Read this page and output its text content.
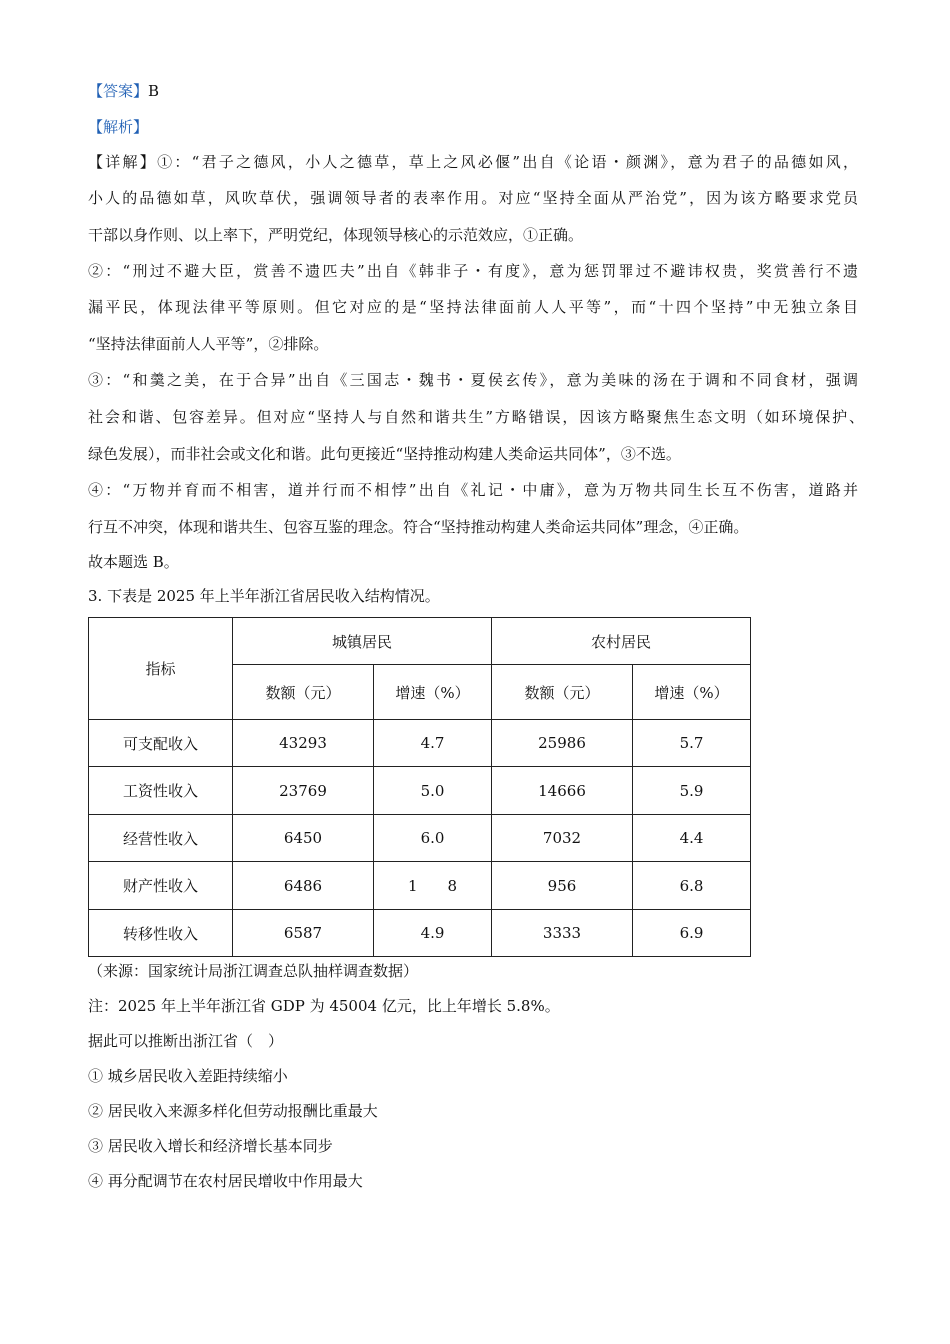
【答案】B
【解析】
【详解】①：“君子之德风，小人之德草，草上之风必偃”出自《论语・颜渊》，意为君子的品德如风，
小人的品德如草，风吹草伏，强调领导者的表率作用。对应“坚持全面从严治党”，因为该方略要求党员
干部以身作则、以上率下，严明党纪，体现领导核心的示范效应，①正确。
②：“刑过不避大臣，赏善不遗匹夫”出自《韩非子・有度》，意为惩罚罪过不避讳权贵，奖赏善行不遗
漏平民，体现法律平等原则。但它对应的是“坚持法律面前人人平等”，而“十四个坚持”中无独立条目
“坚持法律面前人人平等”，②排除。
③：“和羹之美，在于合异”出自《三国志・魏书・夏侯玄传》，意为美味的汤在于调和不同食材，强调
社会和谐、包容差异。但对应“坚持人与自然和谐共生”方略错误，因该方略聚焦生态文明（如环境保护、
绿色发展），而非社会或文化和谐。此句更接近“坚持推动构建人类命运共同体”，③不选。
④：“万物并育而不相害，道并行而不相悖”出自《礼记・中庸》，意为万物共同生长互不伤害，道路并
行互不冲突，体现和谐共生、包容互鉴的理念。符合“坚持推动构建人类命运共同体”理念，④正确。
故本题选 B。
3. 下表是 2025 年上半年浙江省居民收入结构情况。
指标	城镇居民		农村居民	
	数额（元）	增速（%）	数额（元）	增速（%）
可支配收入	43293	4.7	25986	5.7
工资性收入	23769	5.0	14666	5.9
经营性收入	6450	6.0	7032	4.4
财产性收入	6486	1　　8	956	6.8
转移性收入	6587	4.9	3333	6.9
（来源：国家统计局浙江调查总队抽样调查数据）
注：2025 年上半年浙江省 GDP 为 45004 亿元，比上年增长 5.8%。
据此可以推断出浙江省（　）
① 城乡居民收入差距持续缩小
② 居民收入来源多样化但劳动报酬比重最大
③ 居民收入增长和经济增长基本同步
④ 再分配调节在农村居民增收中作用最大
